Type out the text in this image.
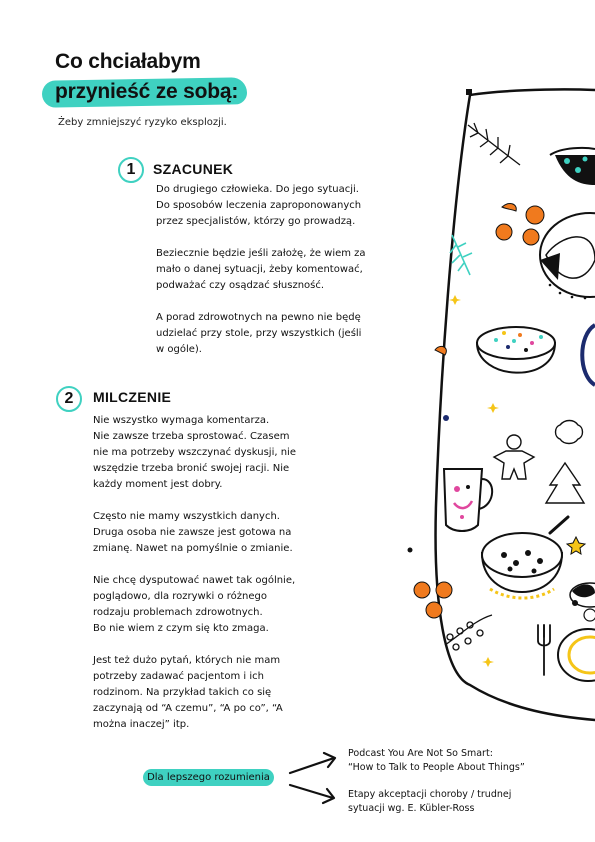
Co chciałabym
przynieść ze sobą:
Żeby zmniejszyć ryzyko eksplozji.
1	SZACUNEK
Do drugiego człowieka. Do jego sytuacji.
Do sposobów leczenia zaproponowanych
przez specjalistów, którzy go prowadzą.
Bezieczniе będzie jeśli założę, że wiem za
mało o danej sytuacji, żeby komentować,
podważać czy osądzać słuszność.
A porad zdrowotnych na pewno nie będę
udzielać przy stole, przy wszystkich (jeśli
w ogóle).
2	MILCZENIE
Nie wszystko wymaga komentarza.
Nie zawsze trzeba sprostować. Czasem
nie ma potrzeby wszczynać dyskusji, nie
wszędzie trzeba bronić swojej racji. Nie
każdy moment jest dobry.
Często nie mamy wszystkich danych.
Druga osoba nie zawsze jest gotowa na
zmianę. Nawet na pomyślnie o zmianie.
Nie chcę dysputować nawet tak ogólnie,
poglądowo, dla rozrywki o różnego
rodzaju problemach zdrowotnych.
Bo nie wiem z czym się kto zmaga.
Jest też dużo pytań, których nie mam
potrzeby zadawać pacjentom i ich
rodzinom. Na przykład takich co się
zaczynają od “A czemu”, “A po co”, “A
można inaczej” itp.
Dla lepszego rozumienia
Podcast You Are Not So Smart:
“How to Talk to People About Things”
Etapy akceptacji choroby / trudnej
sytuacji wg. E. Kübler-Ross
